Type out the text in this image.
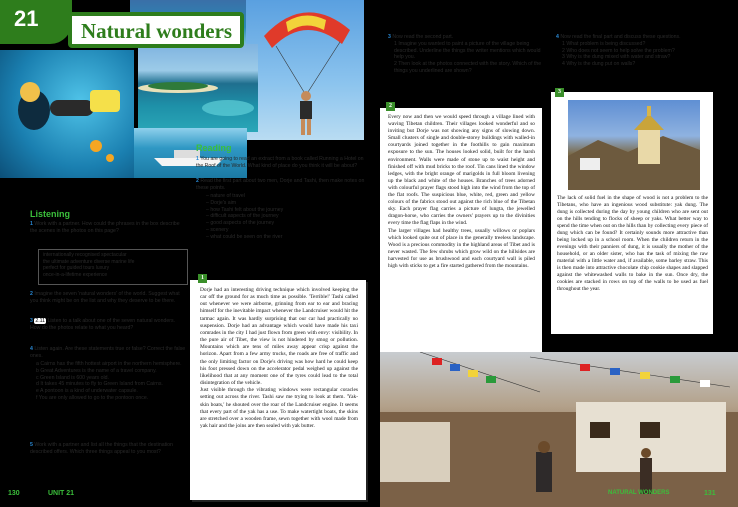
21	Natural wonders
Listening
1 Work with a partner. How could the phrases in the box describe the scenes in the photos on this page?
internationally recognised spectacular
the ultimate adventure diverse marine life
perfect for guided tours luxury
once-in-a-lifetime experience
2 Imagine the seven 'natural wonders' of the world. Suggest what you think might be on the list and why they deserve to be there.
3 2.11 Listen to a talk about one of the seven natural wonders. How do the photos relate to what you heard?
4 Listen again. Are these statements true or false? Correct the false ones.
a Cairns has the fifth hottest airport in the northern hemisphere.
b Great Adventures is the name of a travel company.
c Green Island is 600 years old.
d It takes 45 minutes to fly to Green Island from Cairns.
e A pontoon is a kind of underwater capsule.
f You are only allowed to go to the pontoon once.
5 Work with a partner and list all the things that the destination described offers. Which three things appeal to you most?
Reading
1 You are going to read an extract from a book called Running a Hotel on the Roof of the World. What kind of place do you think it will be about?
2 Read the first part about two men, Dorje and Tashi, then make notes on these points.
– nature of travel
– Dorje's aim
– how Tashi felt about the journey
– difficult aspects of the journey
– good aspects of the journey
– scenery
– what could be seen on the river
3 Now read the second part.
1 Imagine you wanted to paint a picture of the village being described. Underline the things the writer mentions which would help you.
2 Then look at the photos connected with the story. Which of the things you underlined are shown?
4 Now read the final part and discuss these questions.
1 What problem is being discussed?
2 Who does not seem to help solve the problem?
3 Why is the dung mixed with water and straw?
4 Why is the dung put on walls?
1
Dorje had an interesting driving technique which involved keeping the car off the ground for as much time as possible. 'Terrible!' Tashi called out whenever we were airborne, grinning from ear to ear and bracing himself for the inevitable impact whenever the Landcruiser would hit the tarmac again. It was hardly surprising that our car had practically no suspension. Dorje had an advantage which would have made his taxi comrades in the city I had just flown from green with envy: visibility. In the pure air of Tibet, the view is not hindered by smog or pollution. Mountains which are tens of miles away appear crisp against the horizon. Apart from a few army trucks, the roads are free of traffic and the only limiting factor on Dorje's driving was how hard he could keep his foot pressed down on the accelerator pedal weighed up against the likelihood that at any moment one of the tyres could lead to the total disintegration of the vehicle.
Just visible through the vibrating windows were rectangular coracles setting out across the river. Tashi saw me trying to look at them. 'Yak-skin boats,' he shouted over the roar of the Landcruiser engine. It seems that every part of the yak has a use. To make watertight boats, the skins are stretched over a wooden frame, sewn together with wool made from yak hair and the joins are then sealed with yak butter.
2
Every now and then we would speed through a village lined with waving Tibetan children. Their villages looked wonderful and so inviting but Dorje was not showing any signs of slowing down. Small clusters of single and double-storey buildings with walled-in courtyards joined together in the foothills to gain maximum exposure to the sun. The houses looked solid, built for the harsh environment. Walls were made of stone up to waist height and finished off with mud bricks to the roof. Tin cans lined the window ledges, with the bright orange of marigolds in full bloom livening up the black and white of the houses. Branches of trees adorned with colourful prayer flags stood high into the wind from the top of the flat roofs. The suspicious blue, white, red, green and yellow colours of the fabrics stood out against the rich blue of the Tibetan sky. Each prayer flag carries a picture of lungta, the jewelled dragon-horse, who carries the owners' prayers up to the divinities every time the flag flaps in the wind.
The larger villages had healthy trees, usually willows or poplars which looked quite out of place in the generally treeless landscape. Wood is a precious commodity in the highland areas of Tibet and is never wasted. The few shrubs which grow wild on the hillsides are harvested for use as brushwood and each courtyard wall is piled high with sticks to get a fire started gathered from the mountains.
3
The lack of solid fuel in the shape of wood is not a problem to the Tibetans, who have an ingenious wood substitute: yak dung. The dung is collected during the day by young children who are sent out on the hills tending to flocks of sheep or yaks. What better way to spend the time when out on the hills than by collecting every piece of dung which can be found? It certainly sounds more attractive than being locked up in a school room. When the children return in the evenings with their panniers of dung, it is usually the mother of the household, or an older sister, who has the task of mixing the raw material with a little water and, if available, some barley straw. This is then made into attractive chocolate chip cookie shapes and slapped against the whitewashed walls to bake in the sun. Once dry, the cookies are stacked in rows on top of the walls to be used as fuel throughout the year.
130	UNIT 21	NATURAL WONDERS	131
